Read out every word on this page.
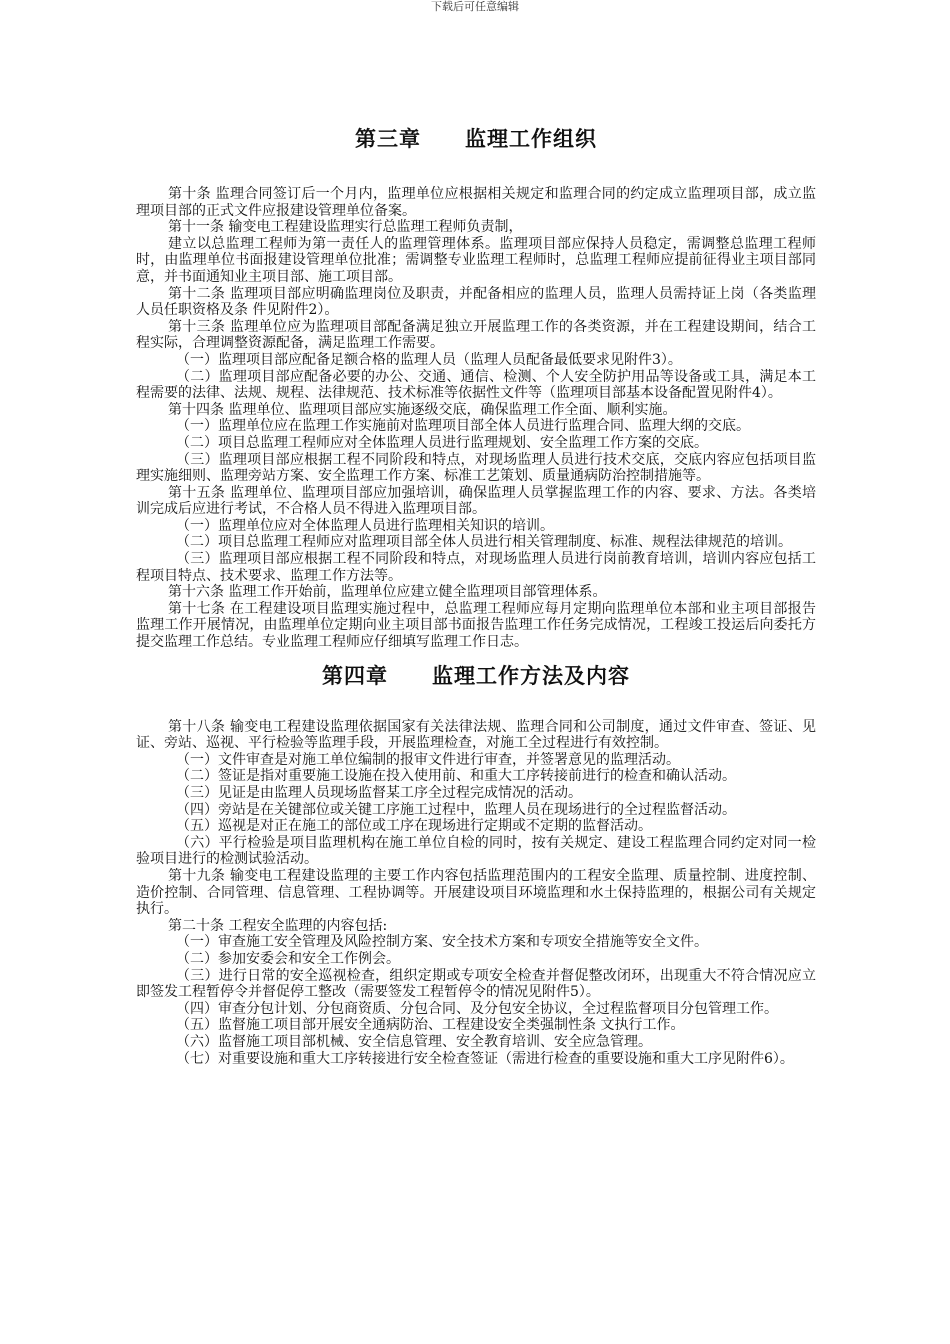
下载后可任意编辑
第三章　　监理工作组织

第十条 监理合同签订后一个月内，监理单位应根据相关规定和监理合同的约定成立监理项目部，成立监理项目部的正式文件应报建设管理单位备案。

第十一条 输变电工程建设监理实行总监理工程师负责制，

建立以总监理工程师为第一责任人的监理管理体系。监理项目部应保持人员稳定，需调整总监理工程师时，由监理单位书面报建设管理单位批准；需调整专业监理工程师时，总监理工程师应提前征得业主项目部同意，并书面通知业主项目部、施工项目部。

第十二条 监理项目部应明确监理岗位及职责，并配备相应的监理人员，监理人员需持证上岗（各类监理人员任职资格及条 件见附件2）。

第十三条 监理单位应为监理项目部配备满足独立开展监理工作的各类资源，并在工程建设期间，结合工程实际，合理调整资源配备，满足监理工作需要。

（一）监理项目部应配备足额合格的监理人员（监理人员配备最低要求见附件3）。

（二）监理项目部应配备必要的办公、交通、通信、检测、个人安全防护用品等设备或工具，满足本工程需要的法律、法规、规程、法律规范、技术标准等依据性文件等（监理项目部基本设备配置见附件4）。

第十四条 监理单位、监理项目部应实施逐级交底，确保监理工作全面、顺利实施。

（一）监理单位应在监理工作实施前对监理项目部全体人员进行监理合同、监理大纲的交底。

（二）项目总监理工程师应对全体监理人员进行监理规划、安全监理工作方案的交底。

（三）监理项目部应根据工程不同阶段和特点，对现场监理人员进行技术交底，交底内容应包括项目监理实施细则、监理旁站方案、安全监理工作方案、标准工艺策划、质量通病防治控制措施等。

第十五条 监理单位、监理项目部应加强培训，确保监理人员掌握监理工作的内容、要求、方法。各类培训完成后应进行考试，不合格人员不得进入监理项目部。

（一）监理单位应对全体监理人员进行监理相关知识的培训。

（二）项目总监理工程师应对监理项目部全体人员进行相关管理制度、标准、规程法律规范的培训。

（三）监理项目部应根据工程不同阶段和特点，对现场监理人员进行岗前教育培训，培训内容应包括工程项目特点、技术要求、监理工作方法等。

第十六条 监理工作开始前，监理单位应建立健全监理项目部管理体系。

第十七条 在工程建设项目监理实施过程中，总监理工程师应每月定期向监理单位本部和业主项目部报告监理工作开展情况，由监理单位定期向业主项目部书面报告监理工作任务完成情况，工程竣工投运后向委托方提交监理工作总结。专业监理工程师应仔细填写监理工作日志。

第四章　　监理工作方法及内容

第十八条 输变电工程建设监理依据国家有关法律法规、监理合同和公司制度，通过文件审查、签证、见证、旁站、巡视、平行检验等监理手段，开展监理检查，对施工全过程进行有效控制。

（一）文件审查是对施工单位编制的报审文件进行审查，并签署意见的监理活动。

（二）签证是指对重要施工设施在投入使用前、和重大工序转接前进行的检查和确认活动。

（三）见证是由监理人员现场监督某工序全过程完成情况的活动。

（四）旁站是在关键部位或关键工序施工过程中，监理人员在现场进行的全过程监督活动。

（五）巡视是对正在施工的部位或工序在现场进行定期或不定期的监督活动。

（六）平行检验是项目监理机构在施工单位自检的同时，按有关规定、建设工程监理合同约定对同一检验项目进行的检测试验活动。

第十九条 输变电工程建设监理的主要工作内容包括监理范围内的工程安全监理、质量控制、进度控制、造价控制、合同管理、信息管理、工程协调等。开展建设项目环境监理和水土保持监理的，根据公司有关规定执行。

第二十条 工程安全监理的内容包括:

（一）审查施工安全管理及风险控制方案、安全技术方案和专项安全措施等安全文件。

（二）参加安委会和安全工作例会。

（三）进行日常的安全巡视检查，组织定期或专项安全检查并督促整改闭环，出现重大不符合情况应立即签发工程暂停令并督促停工整改（需要签发工程暂停令的情况见附件5）。

（四）审查分包计划、分包商资质、分包合同、及分包安全协议，全过程监督项目分包管理工作。

（五）监督施工项目部开展安全通病防治、工程建设安全类强制性条 文执行工作。

（六）监督施工项目部机械、安全信息管理、安全教育培训、安全应急管理。

（七）对重要设施和重大工序转接进行安全检查签证（需进行检查的重要设施和重大工序见附件6）。
